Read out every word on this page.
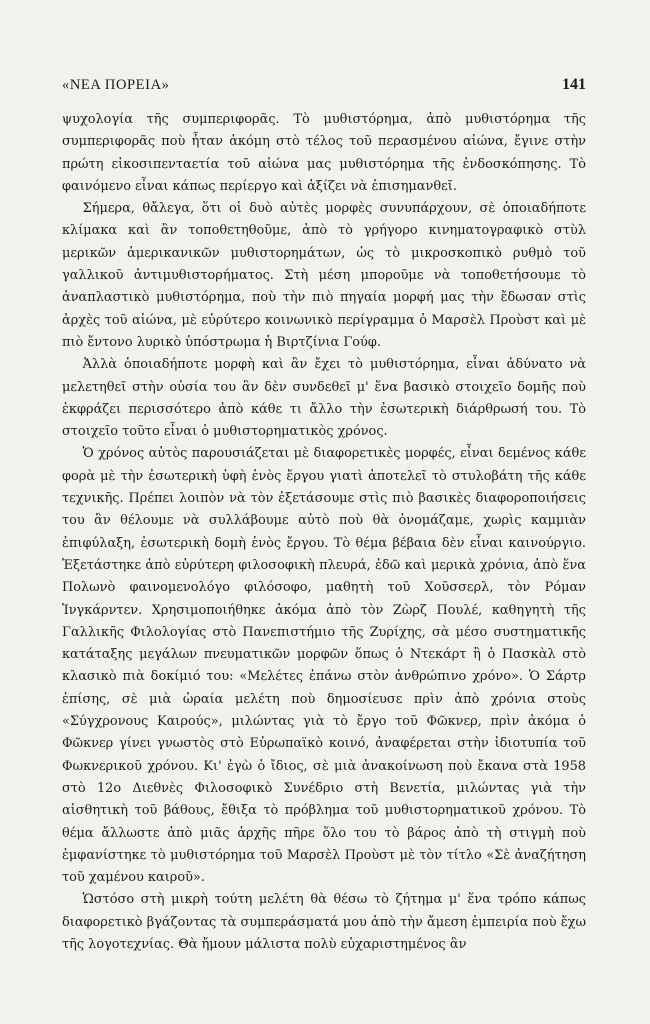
«ΝΕΑ ΠΟΡΕΙΑ»	141

ψυχολογία τῆς συμπεριφορᾶς. Τὸ μυθιστόρημα, ἀπὸ μυθιστόρημα τῆς συμπεριφορᾶς ποὺ ἦταν ἀκόμη στὸ τέλος τοῦ περασμένου αἰώνα, ἔγινε στὴν πρώτη εἰκοσιπενταετία τοῦ αἰώνα μας μυθιστόρημα τῆς ἐνδοσκόπησης. Τὸ φαινόμενο εἶναι κάπως περίεργο καὶ ἀξίζει νὰ ἐπισημανθεῖ.

Σήμερα, θἄλεγα, ὅτι οἱ δυὸ αὐτὲς μορφὲς συνυπάρχουν, σὲ ὁποιαδήποτε κλίμακα καὶ ἂν τοποθετηθοῦμε, ἀπὸ τὸ γρήγορο κινηματογραφικὸ στὺλ μερικῶν ἀμερικανικῶν μυθιστορημάτων, ὡς τὸ μικροσκοπικὸ ρυθμὸ τοῦ γαλλικοῦ ἀντιμυθιστορήματος. Στὴ μέση μποροῦμε νὰ τοποθετήσουμε τὸ ἀναπλαστικὸ μυθιστόρημα, ποὺ τὴν πιὸ πηγαία μορφή μας τὴν ἔδωσαν στὶς ἀρχὲς τοῦ αἰώνα, μὲ εὐρύτερο κοινωνικὸ περίγραμμα ὁ Μαρσὲλ Προὺστ καὶ μὲ πιὸ ἔντονο λυρικὸ ὑπόστρωμα ἡ Βιρτζίνια Γούφ.

Ἀλλὰ ὁποιαδήποτε μορφὴ καὶ ἂν ἔχει τὸ μυθιστόρημα, εἶναι ἀδύνατο νὰ μελετηθεῖ στὴν οὐσία του ἂν δὲν συνδεθεῖ μ' ἕνα βασικὸ στοιχεῖο δομῆς ποὺ ἐκφράζει περισσότερο ἀπὸ κάθε τι ἄλλο τὴν ἐσωτερικὴ διάρθρωσή του. Τὸ στοιχεῖο τοῦτο εἶναι ὁ μυθιστορηματικὸς χρόνος.

Ὁ χρόνος αὐτὸς παρουσιάζεται μὲ διαφορετικὲς μορφές, εἶναι δεμένος κάθε φορὰ μὲ τὴν ἐσωτερικὴ ὑφὴ ἑνὸς ἔργου γιατὶ ἀποτελεῖ τὸ στυλοβάτη τῆς κάθε τεχνικῆς. Πρέπει λοιπὸν νὰ τὸν ἐξετάσουμε στὶς πιὸ βασικὲς διαφοροποιήσεις του ἂν θέλουμε νὰ συλλάβουμε αὐτὸ ποὺ θὰ ὀνομάζαμε, χωρὶς καμμιὰν ἐπιφύλαξη, ἐσωτερικὴ δομὴ ἑνὸς ἔργου. Τὸ θέμα βέβαια δὲν εἶναι καινούργιο. Ἐξετάστηκε ἀπὸ εὐρύτερη φιλοσοφικὴ πλευρά, ἐδῶ καὶ μερικὰ χρόνια, ἀπὸ ἕνα Πολωνὸ φαινομενολόγο φιλόσοφο, μαθητὴ τοῦ Χοῦσσερλ, τὸν Ρόμαν Ἰνγκάρντεν. Χρησιμοποιήθηκε ἀκόμα ἀπὸ τὸν Ζὼρζ Πουλέ, καθηγητὴ τῆς Γαλλικῆς Φιλολογίας στὸ Πανεπιστήμιο τῆς Ζυρίχης, σὰ μέσο συστηματικῆς κατάταξης μεγάλων πνευματικῶν μορφῶν ὅπως ὁ Ντεκάρτ ἢ ὁ Πασκὰλ στὸ κλασικὸ πιὰ δοκίμιό του: «Μελέτες ἐπάνω στὸν ἀνθρώπινο χρόνο». Ὁ Σάρτρ ἐπίσης, σὲ μιὰ ὡραία μελέτη ποὺ δημοσίευσε πρὶν ἀπὸ χρόνια στοὺς «Σύγχρονους Καιρούς», μιλώντας γιὰ τὸ ἔργο τοῦ Φῶκνερ, πρὶν ἀκόμα ὁ Φῶκνερ γίνει γνωστὸς στὸ Εὐρωπαϊκὸ κοινό, ἀναφέρεται στὴν ἰδιοτυπία τοῦ Φωκνερικοῦ χρόνου. Κι' ἐγὼ ὁ ἴδιος, σὲ μιὰ ἀνακοίνωση ποὺ ἔκανα στὰ 1958 στὸ 12ο Διεθνὲς Φιλοσοφικὸ Συνέδριο στὴ Βενετία, μιλώντας γιὰ τὴν αἰσθητικὴ τοῦ βάθους, ἔθιξα τὸ πρόβλημα τοῦ μυθιστορηματικοῦ χρόνου. Τὸ θέμα ἄλλωστε ἀπὸ μιᾶς ἀρχῆς πῆρε ὅλο του τὸ βάρος ἀπὸ τὴ στιγμὴ ποὺ ἐμφανίστηκε τὸ μυθιστόρημα τοῦ Μαρσὲλ Προὺστ μὲ τὸν τίτλο «Σὲ ἀναζήτηση τοῦ χαμένου καιροῦ».

Ὡστόσο στὴ μικρὴ τούτη μελέτη θὰ θέσω τὸ ζήτημα μ' ἕνα τρόπο κάπως διαφορετικὸ βγάζοντας τὰ συμπεράσματά μου ἀπὸ τὴν ἄμεση ἐμπειρία ποὺ ἔχω τῆς λογοτεχνίας. Θὰ ἤμουν μάλιστα πολὺ εὐχαριστημένος ἂν
